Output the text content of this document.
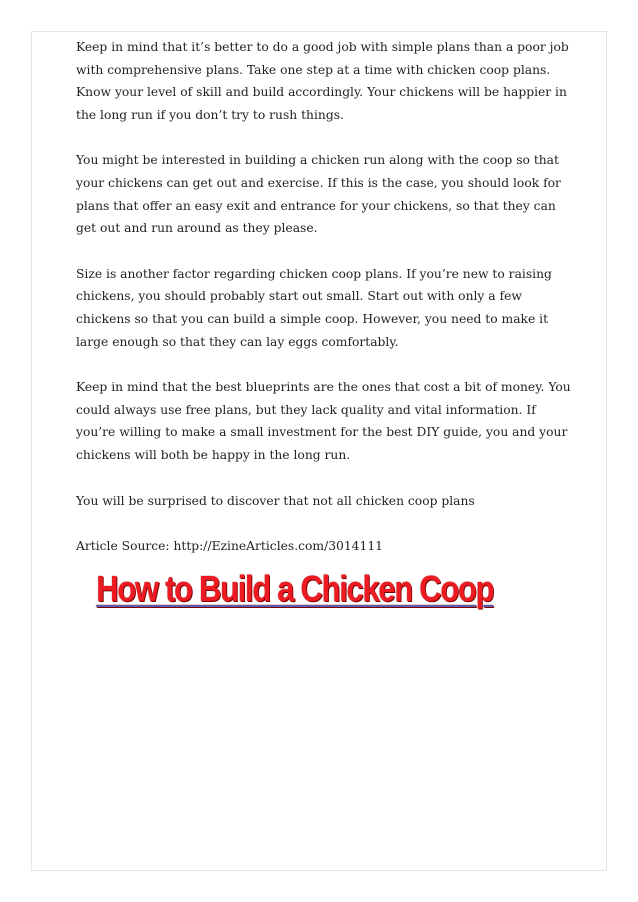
Keep in mind that it’s better to do a good job with simple plans than a poor job with comprehensive plans. Take one step at a time with chicken coop plans. Know your level of skill and build accordingly. Your chickens will be happier in the long run if you don’t try to rush things.

You might be interested in building a chicken run along with the coop so that your chickens can get out and exercise. If this is the case, you should look for plans that offer an easy exit and entrance for your chickens, so that they can get out and run around as they please.

Size is another factor regarding chicken coop plans. If you’re new to raising chickens, you should probably start out small. Start out with only a few chickens so that you can build a simple coop. However, you need to make it large enough so that they can lay eggs comfortably.

Keep in mind that the best blueprints are the ones that cost a bit of money. You could always use free plans, but they lack quality and vital information. If you’re willing to make a small investment for the best DIY guide, you and your chickens will both be happy in the long run.

You will be surprised to discover that not all chicken coop plans

Article Source: http://EzineArticles.com/3014111

How to Build a Chicken Coop
